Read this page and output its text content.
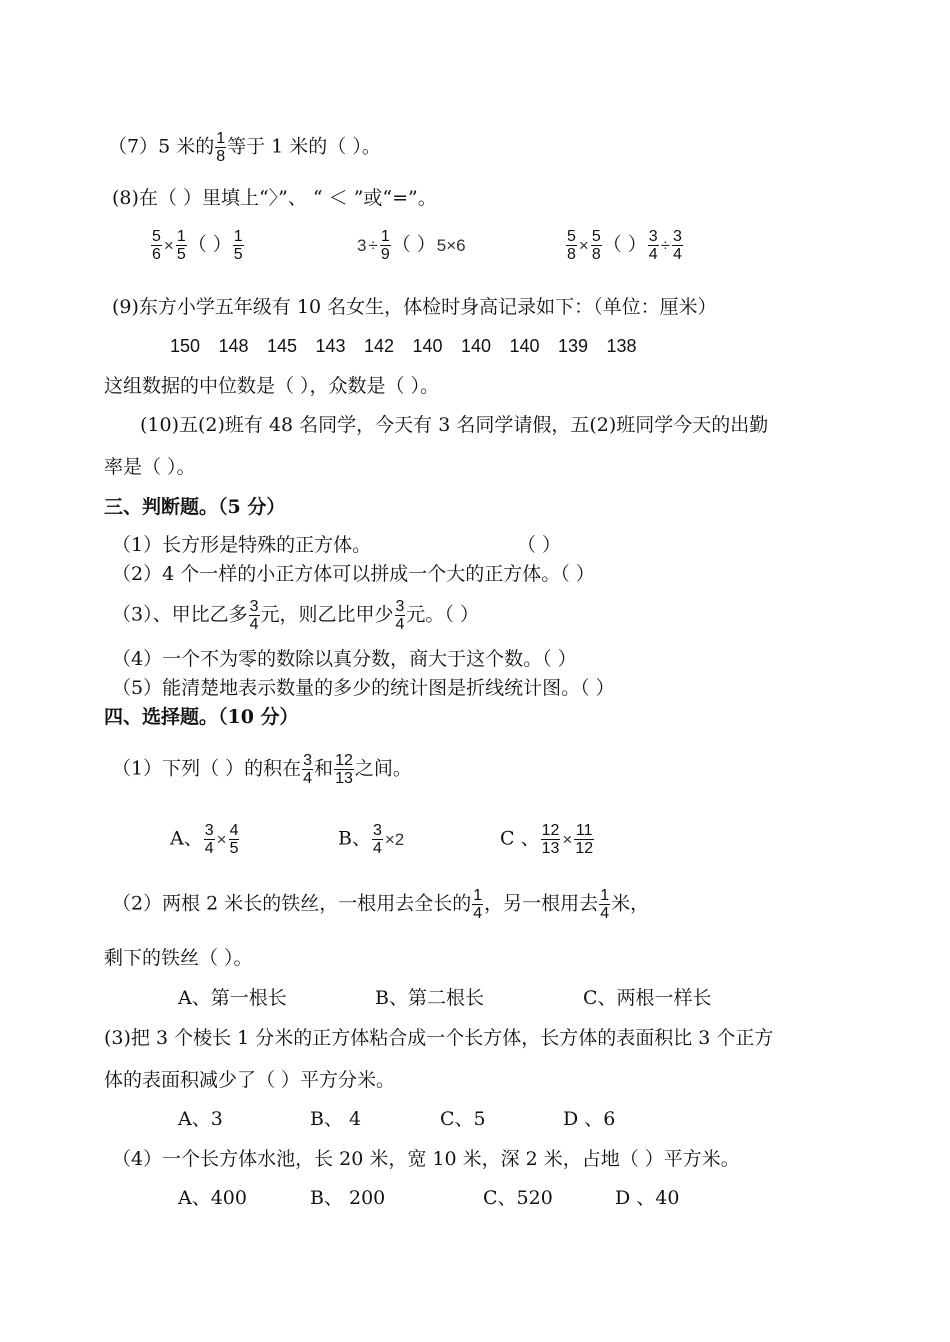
（7）5 米的 $\frac{1}{8}$ 等于 1 米的（ ）。
(8)在（ ）里填上“〉”、 “ ＜ ”或“=”。
$\frac{5}{6} \times \frac{1}{5}$ （ ） $\frac{1}{5}$	$3 \div \frac{1}{9}$ （ ）5×6	$\frac{5}{8} \times \frac{5}{8}$ （ ） $\frac{3}{4} \div \frac{3}{4}$
(9)东方小学五年级有 10 名女生，体检时身高记录如下：（单位：厘米）
150 148 145 143 142 140 140 140 139 138
这组数据的中位数是（ ），众数是（ ）。
(10)五(2)班有 48 名同学，今天有 3 名同学请假，五(2)班同学今天的出勤
率是（ ）。
三、判断题。（5 分）
（1）长方形是特殊的正方体。	（ ）
（2）4 个一样的小正方体可以拼成一个大的正方体。（ ）
（3）、甲比乙多 $\frac{3}{4}$ 元，则乙比甲少 $\frac{3}{4}$ 元。（ ）
（4）一个不为零的数除以真分数，商大于这个数。（ ）
（5）能清楚地表示数量的多少的统计图是折线统计图。（ ）
四、选择题。（10 分）
（1）下列（ ）的积在 $\frac{3}{4}$ 和 $\frac{12}{13}$ 之间。
A、 $\frac{3}{4} \times \frac{4}{5}$	B、 $\frac{3}{4} \times 2$	C 、 $\frac{12}{13} \times \frac{11}{12}$
（2）两根 2 米长的铁丝，一根用去全长的 $\frac{1}{4}$ ，另一根用去 $\frac{1}{4}$ 米，
剩下的铁丝（ ）。
A、第一根长	B、第二根长	C、两根一样长
(3)把 3 个棱长 1 分米的正方体粘合成一个长方体，长方体的表面积比 3 个正方
体的表面积减少了（ ）平方分米。
A、3	B、 4	C、5	D 、6
（4）一个长方体水池，长 20 米，宽 10 米，深 2 米，占地（ ）平方米。
A、400	B、 200	C、520	D 、40
